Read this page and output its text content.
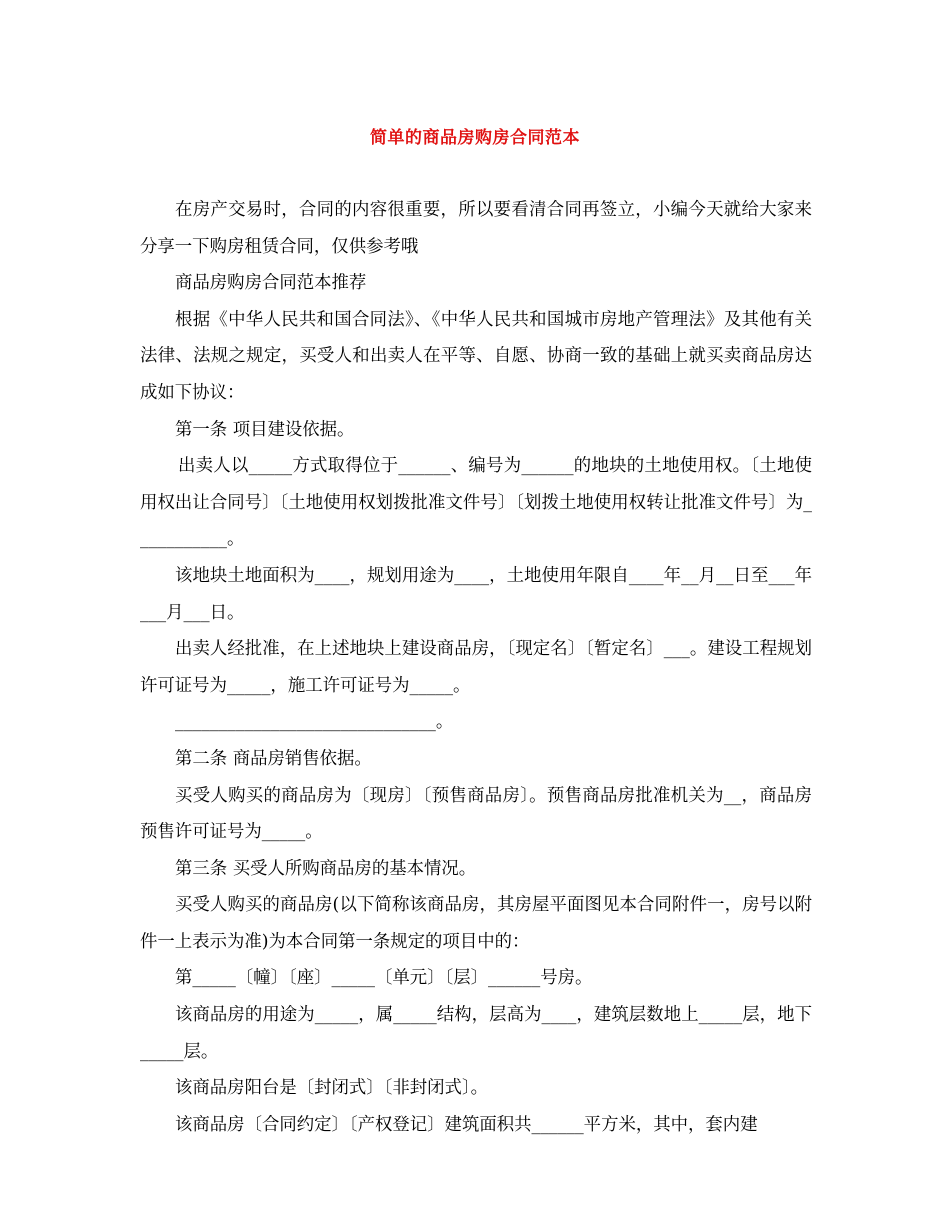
简单的商品房购房合同范本

在房产交易时，合同的内容很重要，所以要看清合同再签立，小编今天就给大家来分享一下购房租赁合同，仅供参考哦

商品房购房合同范本推荐

根据《中华人民共和国合同法》、《中华人民共和国城市房地产管理法》及其他有关法律、法规之规定，买受人和出卖人在平等、自愿、协商一致的基础上就买卖商品房达成如下协议：

第一条 项目建设依据。

出卖人以_____方式取得位于______、编号为______的地块的土地使用权。〔土地使用权出让合同号〕〔土地使用权划拨批准文件号〕〔划拨土地使用权转让批准文件号〕为___________。

该地块土地面积为____，规划用途为____，土地使用年限自____年__月__日至___年___月___日。

出卖人经批准，在上述地块上建设商品房，〔现定名〕〔暂定名〕___。建设工程规划许可证号为_____，施工许可证号为_____。

______________________________。

第二条 商品房销售依据。

买受人购买的商品房为〔现房〕〔预售商品房〕。预售商品房批准机关为__，商品房预售许可证号为_____。

第三条 买受人所购商品房的基本情况。

买受人购买的商品房(以下简称该商品房，其房屋平面图见本合同附件一，房号以附件一上表示为准)为本合同第一条规定的项目中的：

第_____〔幢〕〔座〕_____〔单元〕〔层〕______号房。

该商品房的用途为_____，属_____结构，层高为____，建筑层数地上_____层，地下_____层。

该商品房阳台是〔封闭式〕〔非封闭式〕。

该商品房〔合同约定〕〔产权登记〕建筑面积共______平方米，其中，套内建
